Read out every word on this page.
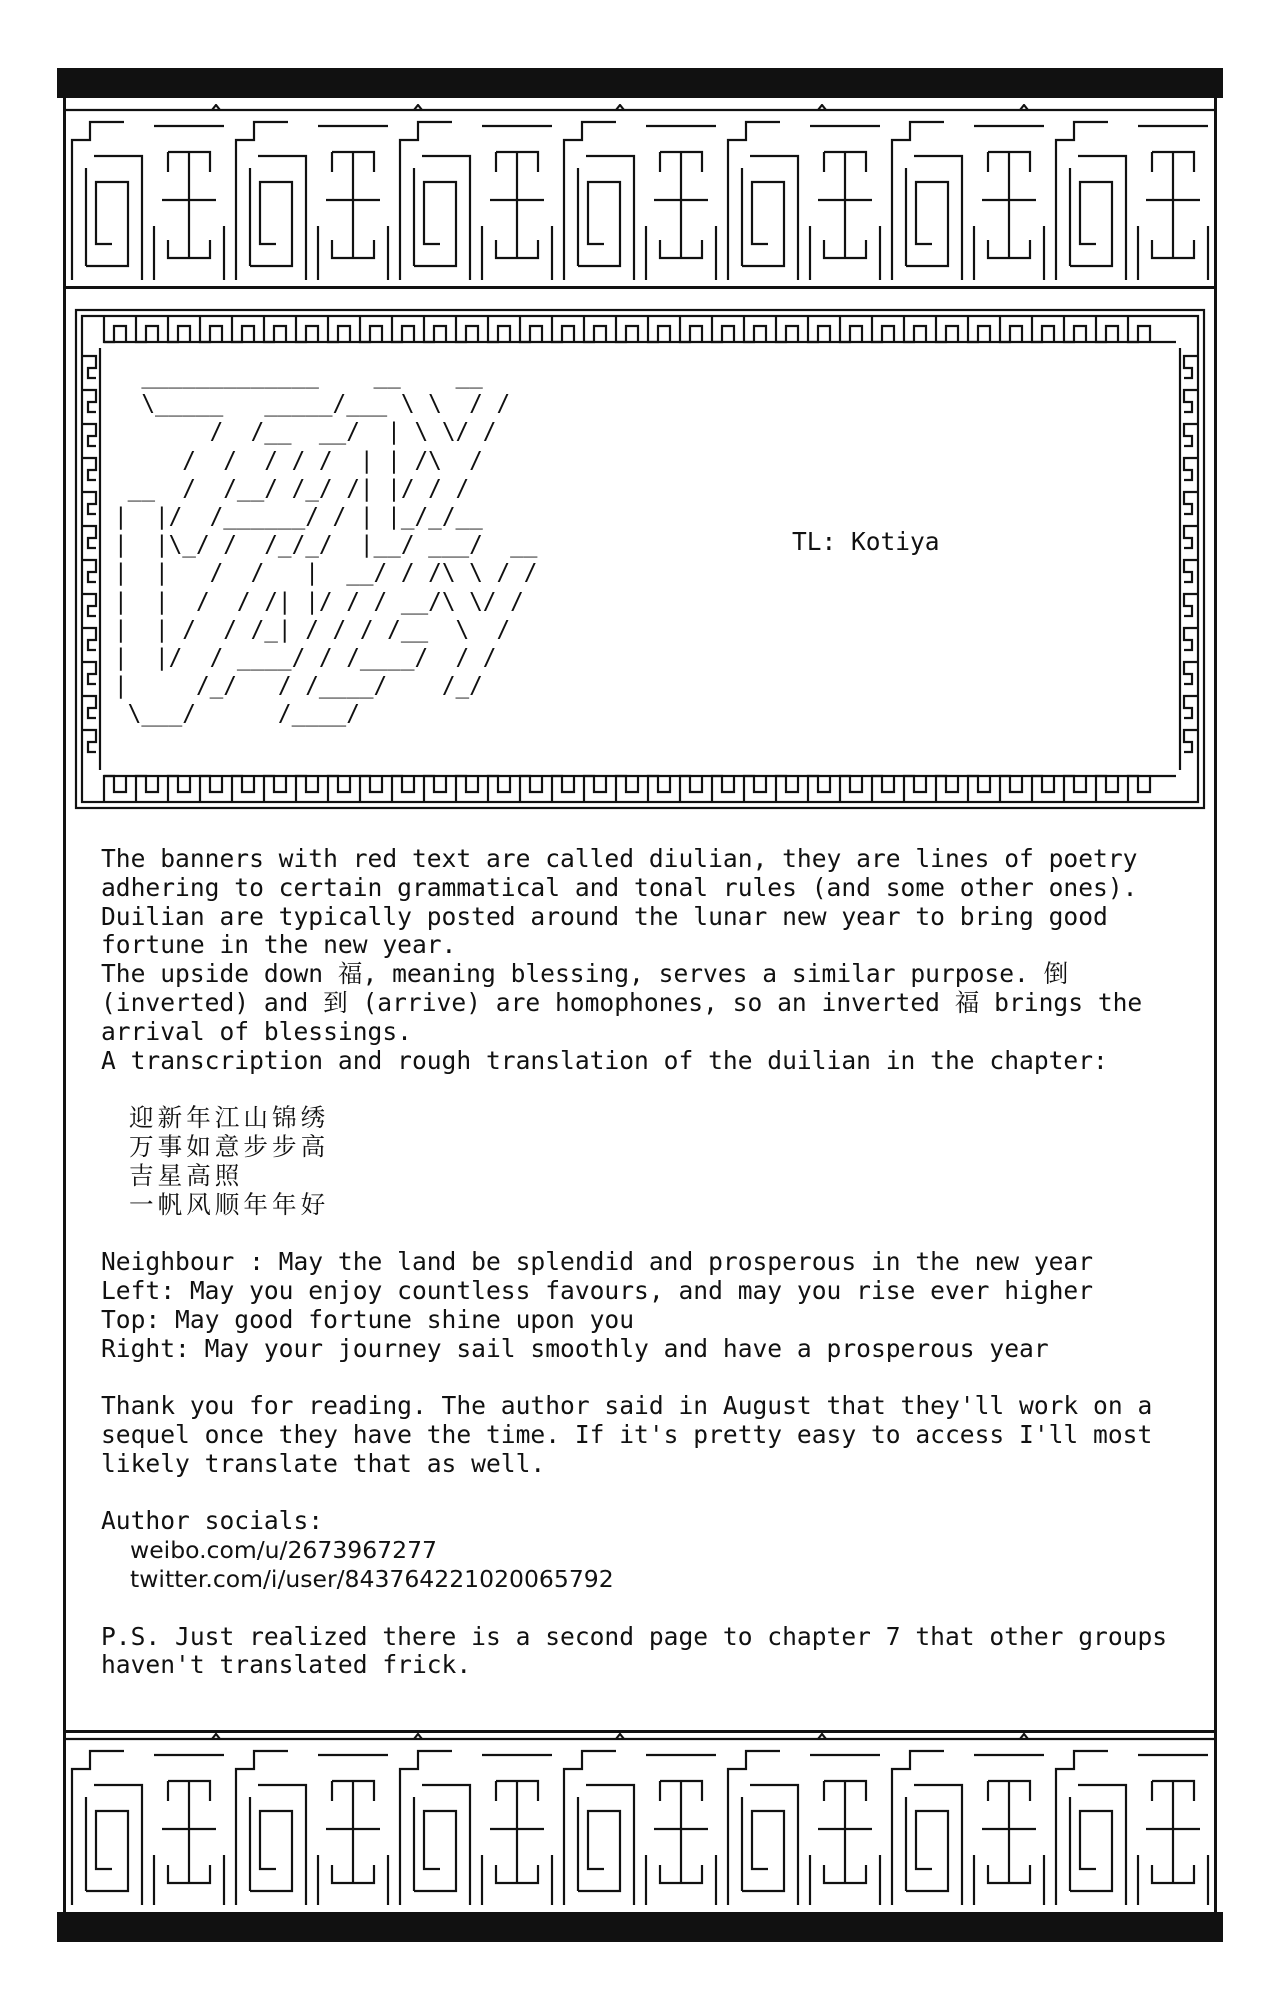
_____________    __    __
\_____   _____/___ \ \  / /
/  /__  __/  | \ \/ /
/  /  / / /  | | /\  /
__  /  /__/ /_/ /| |/ / /
|  |/  /______/ / | |_/_/__
|  |\_/ /  /_/_/  |__/ ___/  __
|  |   /  /   |  __/ / /\ \ / /
|  |  /  / /| |/ / / __/\ \/ /
|  | /  / /_| / / / /__  \  /
|  |/  / ____/ / /____/  / /
|     /_/   / /____/    /_/
\___/      /____/
TL: Kotiya

The banners with red text are called diulian, they are lines of poetry

adhering to certain grammatical and tonal rules (and some other ones).

Duilian are typically posted around the lunar new year to bring good

fortune in the new year.

The upside down 福, meaning blessing, serves a similar purpose. 倒

(inverted) and 到 (arrive) are homophones, so an inverted 福 brings the

arrival of blessings.

A transcription and rough translation of the duilian in the chapter:

迎新年江山锦绣

万事如意步步高

吉星高照

一帆风顺年年好

Neighbour : May the land be splendid and prosperous in the new year

Left: May you enjoy countless favours, and may you rise ever higher

Top: May good fortune shine upon you

Right: May your journey sail smoothly and have a prosperous year

Thank you for reading. The author said in August that they'll work on a

sequel once they have the time. If it's pretty easy to access I'll most

likely translate that as well.

Author socials:

weibo.com/u/2673967277

twitter.com/i/user/843764221020065792

P.S. Just realized there is a second page to chapter 7 that other groups

haven't translated frick.
